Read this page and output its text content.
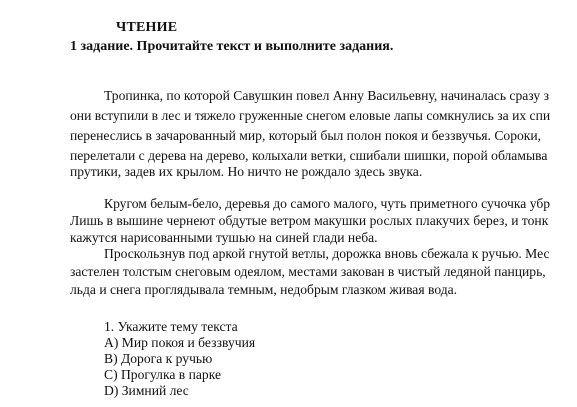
ЧТЕНИЕ
1 задание. Прочитайте текст и выполните задания.
Тропинка, по которой Савушкин повел Анну Васильевну, начиналась сразу з
они вступили в лес и тяжело груженные снегом еловые лапы сомкнулись за их спи
перенеслись в зачарованный мир, который был полон покоя и беззвучья. Сороки,
перелетали с дерева на дерево, колыхали ветки, сшибали шишки, порой обламыва
прутики, задев их крылом. Но ничто не рождало здесь звука.
Кругом белым-бело, деревья до самого малого, чуть приметного сучочка убр
Лишь в вышине чернеют обдутые ветром макушки рослых плакучих берез, и тонк
кажутся нарисованными тушью на синей глади неба.
Проскользнув под аркой гнутой ветлы, дорожка вновь сбежала к ручью. Мес
застелен толстым снеговым одеялом, местами закован в чистый ледяной панцирь,
льда и снега проглядывала темным, недобрым глазком живая вода.
1. Укажите тему текста
А) Мир покоя и беззвучия
B) Дорога к ручью
C) Прогулка в парке
D) Зимний лес
